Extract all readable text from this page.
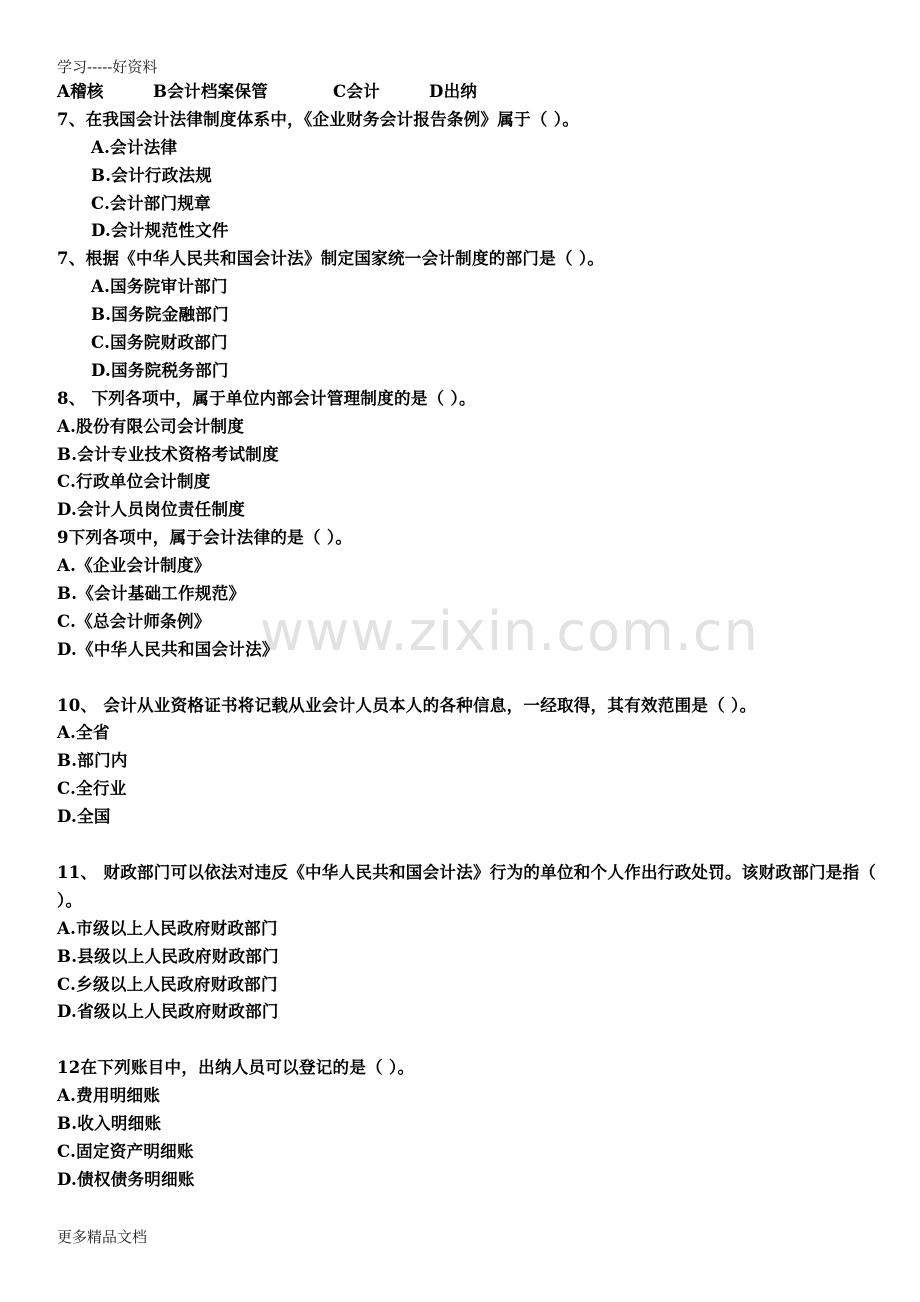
学习-----好资料
www.zixin.com.cn
A稽核	B会计档案保管	C会计	D出纳
7、在我国会计法律制度体系中，《企业财务会计报告条例》属于（ ）。
A.会计法律
B.会计行政法规
C.会计部门规章
D.会计规范性文件
7、根据《中华人民共和国会计法》制定国家统一会计制度的部门是（ ）。
A.国务院审计部门
B.国务院金融部门
C.国务院财政部门
D.国务院税务部门
8、 下列各项中，属于单位内部会计管理制度的是（ ）。
A.股份有限公司会计制度
B.会计专业技术资格考试制度
C.行政单位会计制度
D.会计人员岗位责任制度
9下列各项中，属于会计法律的是（ ）。
A.《企业会计制度》
B.《会计基础工作规范》
C.《总会计师条例》
D.《中华人民共和国会计法》
10、 会计从业资格证书将记载从业会计人员本人的各种信息，一经取得，其有效范围是（ ）。
A.全省
B.部门内
C.全行业
D.全国
11、 财政部门可以依法对违反《中华人民共和国会计法》行为的单位和个人作出行政处罚。该财政部门是指（ ）。
A.市级以上人民政府财政部门
B.县级以上人民政府财政部门
C.乡级以上人民政府财政部门
D.省级以上人民政府财政部门
12在下列账目中，出纳人员可以登记的是（ ）。
A.费用明细账
B.收入明细账
C.固定资产明细账
D.债权债务明细账
更多精品文档
